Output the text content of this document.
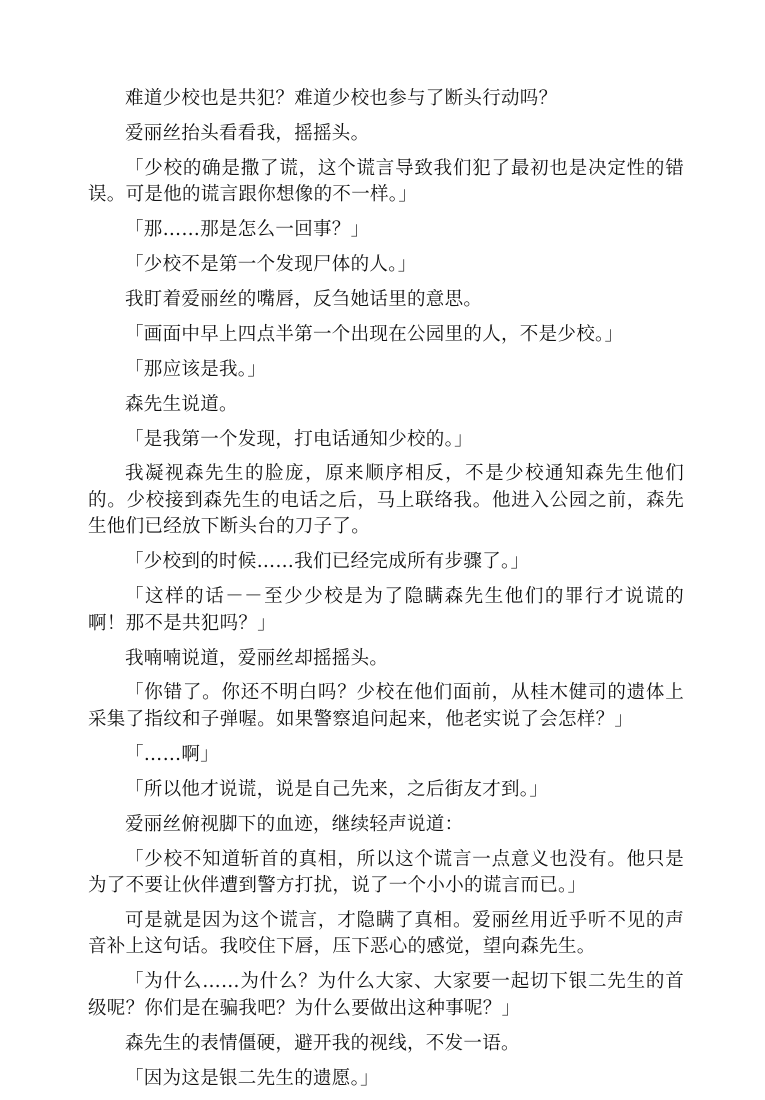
难道少校也是共犯？难道少校也参与了断头行动吗？

爱丽丝抬头看看我，摇摇头。

「少校的确是撒了谎，这个谎言导致我们犯了最初也是决定性的错误。可是他的谎言跟你想像的不一样。」

「那……那是怎么一回事？」

「少校不是第一个发现尸体的人。」

我盯着爱丽丝的嘴唇，反刍她话里的意思。

「画面中早上四点半第一个出现在公园里的人，不是少校。」

「那应该是我。」

森先生说道。

「是我第一个发现，打电话通知少校的。」

我凝视森先生的脸庞，原来顺序相反，不是少校通知森先生他们的。少校接到森先生的电话之后，马上联络我。他进入公园之前，森先生他们已经放下断头台的刀子了。

「少校到的时候……我们已经完成所有步骤了。」

「这样的话－－至少少校是为了隐瞒森先生他们的罪行才说谎的啊！那不是共犯吗？」

我喃喃说道，爱丽丝却摇摇头。

「你错了。你还不明白吗？少校在他们面前，从桂木健司的遗体上采集了指纹和子弹喔。如果警察追问起来，他老实说了会怎样？」

「……啊」

「所以他才说谎，说是自己先来，之后街友才到。」

爱丽丝俯视脚下的血迹，继续轻声说道：

「少校不知道斩首的真相，所以这个谎言一点意义也没有。他只是为了不要让伙伴遭到警方打扰，说了一个小小的谎言而已。」

可是就是因为这个谎言，才隐瞒了真相。爱丽丝用近乎听不见的声音补上这句话。我咬住下唇，压下恶心的感觉，望向森先生。

「为什么……为什么？为什么大家、大家要一起切下银二先生的首级呢？你们是在骗我吧？为什么要做出这种事呢？」

森先生的表情僵硬，避开我的视线，不发一语。

「因为这是银二先生的遗愿。」
